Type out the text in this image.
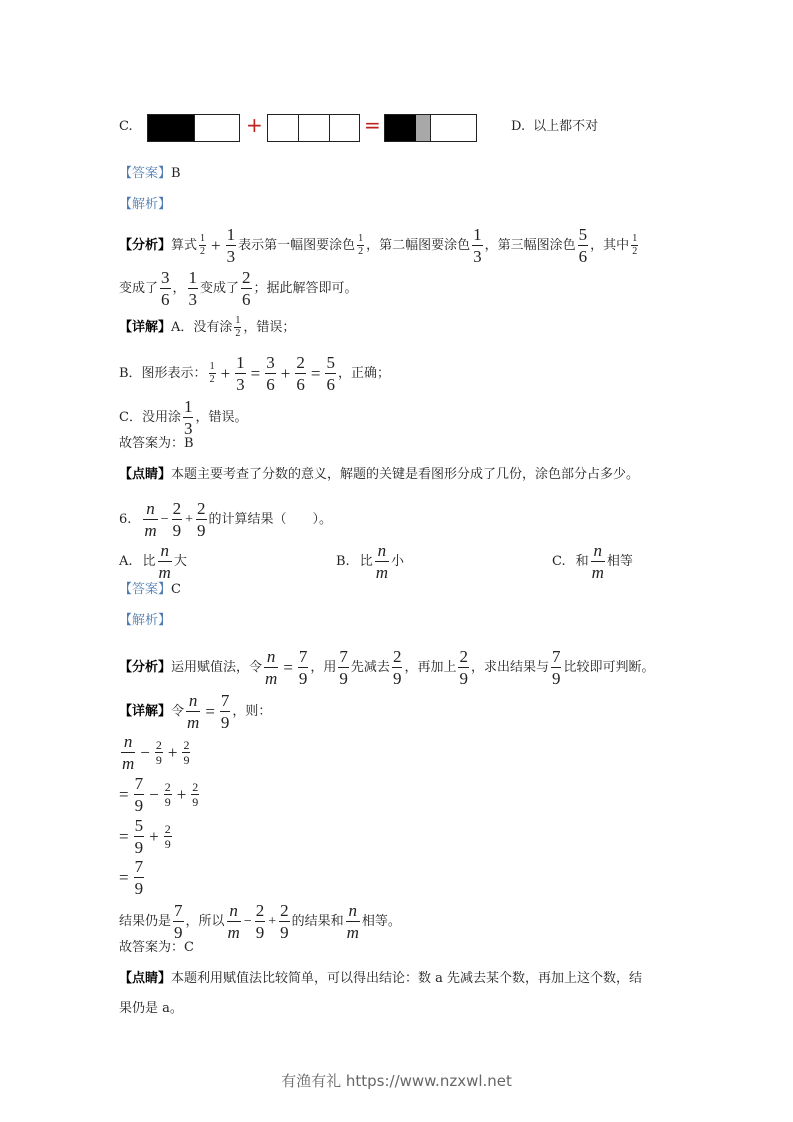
C.	+	=	D. 以上都不对
【答案】 B
【解析】
【分析】 算式 $\frac{1}{2} + \frac{1}{3}$ 表示第一幅图要涂色 $\frac{1}{2}$ ，第二幅图要涂色 $\frac{1}{3}$ ，第三幅图涂色 $\frac{5}{6}$ ，其中 $\frac{1}{2}$
变成了 $\frac{3}{6}$ ， $\frac{1}{3}$ 变成了 $\frac{2}{6}$ ；据此解答即可。
【详解】 A．没有涂 $\frac{1}{2}$ ，错误；
B．图形表示： $\frac{1}{2} + \frac{1}{3} = \frac{3}{6} + \frac{2}{6} = \frac{5}{6}$ ，正确；
C．没用涂 $\frac{1}{3}$ ，错误。
故答案为：B
【点睛】 本题主要考查了分数的意义，解题的关键是看图形分成了几份，涂色部分占多少。
6. $\frac{n}{m} - \frac{2}{9} + \frac{2}{9}$ 的计算结果（　　）。
A. 比 $\frac{n}{m}$ 大	B. 比 $\frac{n}{m}$ 小	C. 和 $\frac{n}{m}$ 相等
【答案】 C
【解析】
【分析】 运用赋值法，令 $\frac{n}{m} = \frac{7}{9}$ ，用 $\frac{7}{9}$ 先减去 $\frac{2}{9}$ ，再加上 $\frac{2}{9}$ ，求出结果与 $\frac{7}{9}$ 比较即可判断。
【详解】 令 $\frac{n}{m} = \frac{7}{9}$ ，则：
$\frac{n}{m} - \frac{2}{9} + \frac{2}{9}$
= $\frac{7}{9} - \frac{2}{9} + \frac{2}{9}$
= $\frac{5}{9} + \frac{2}{9}$
= $\frac{7}{9}$
结果仍是 $\frac{7}{9}$ ，所以 $\frac{n}{m} - \frac{2}{9} + \frac{2}{9}$ 的结果和 $\frac{n}{m}$ 相等。
故答案为：C
【点睛】 本题利用赋值法比较简单，可以得出结论：数 a 先减去某个数，再加上这个数，结
果仍是 a。
有渔有礼 https://www.nzxwl.net
